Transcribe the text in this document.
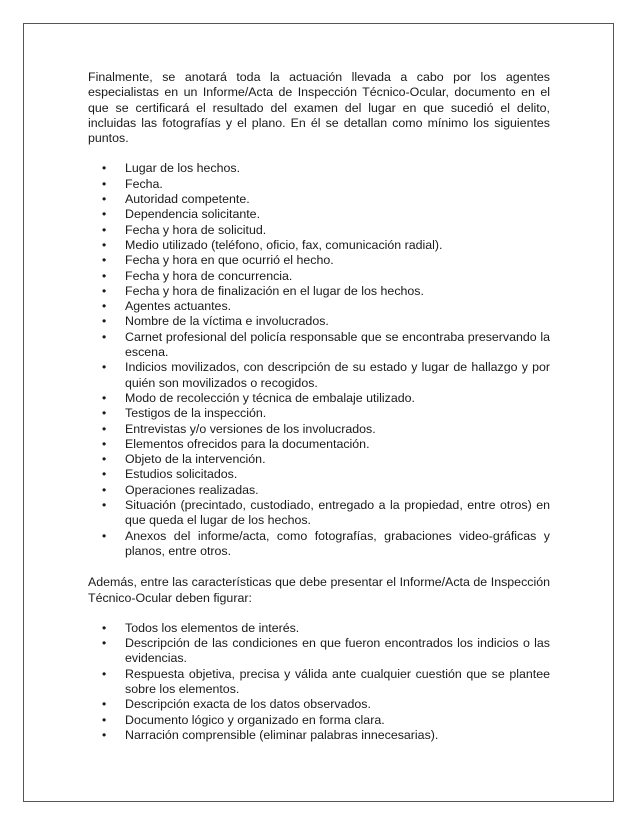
Finalmente, se anotará toda la actuación llevada a cabo por los agentes especialistas en un Informe/Acta de Inspección Técnico-Ocular, documento en el que se certificará el resultado del examen del lugar en que sucedió el delito, incluidas las fotografías y el plano. En él se detallan como mínimo los siguientes puntos.

• Lugar de los hechos.
• Fecha.
• Autoridad competente.
• Dependencia solicitante.
• Fecha y hora de solicitud.
• Medio utilizado (teléfono, oficio, fax, comunicación radial).
• Fecha y hora en que ocurrió el hecho.
• Fecha y hora de concurrencia.
• Fecha y hora de finalización en el lugar de los hechos.
• Agentes actuantes.
• Nombre de la víctima e involucrados.
• Carnet profesional del policía responsable que se encontraba preservando la escena.
• Indicios movilizados, con descripción de su estado y lugar de hallazgo y por quién son movilizados o recogidos.
• Modo de recolección y técnica de embalaje utilizado.
• Testigos de la inspección.
• Entrevistas y/o versiones de los involucrados.
• Elementos ofrecidos para la documentación.
• Objeto de la intervención.
• Estudios solicitados.
• Operaciones realizadas.
• Situación (precintado, custodiado, entregado a la propiedad, entre otros) en que queda el lugar de los hechos.
• Anexos del informe/acta, como fotografías, grabaciones video-gráficas y planos, entre otros.

Además, entre las características que debe presentar el Informe/Acta de Inspección Técnico-Ocular deben figurar:

• Todos los elementos de interés.
• Descripción de las condiciones en que fueron encontrados los indicios o las evidencias.
• Respuesta objetiva, precisa y válida ante cualquier cuestión que se plantee sobre los elementos.
• Descripción exacta de los datos observados.
• Documento lógico y organizado en forma clara.
• Narración comprensible (eliminar palabras innecesarias).
